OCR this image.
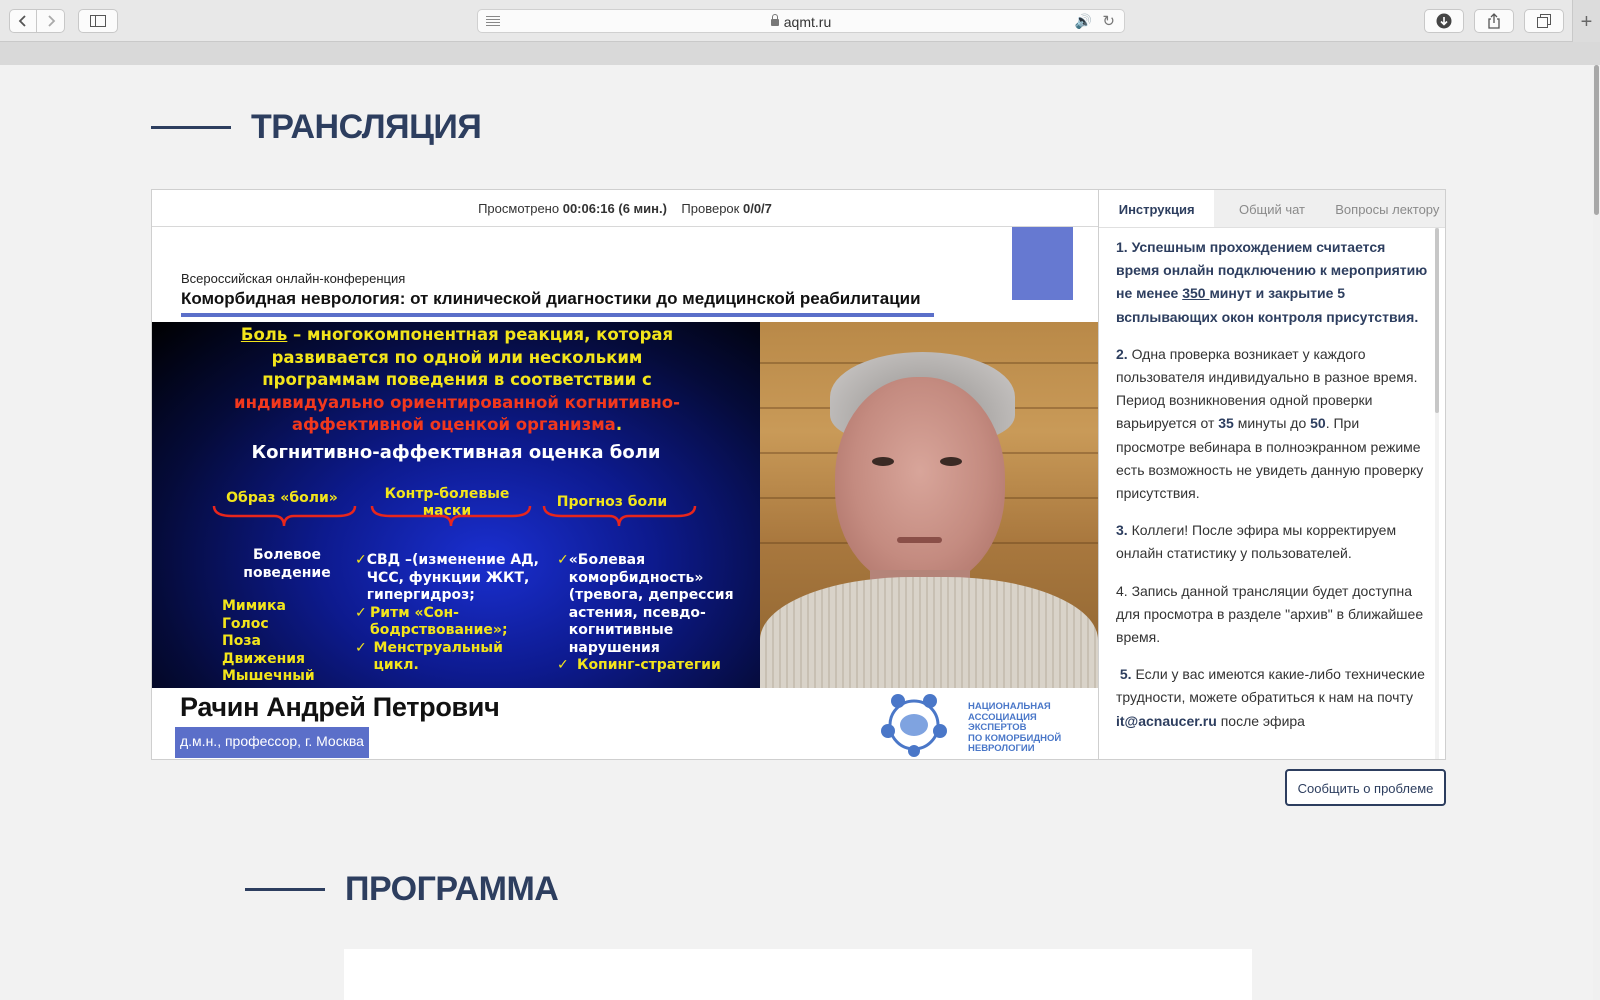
aqmt.ru	🔊 ↻	+
ТРАНСЛЯЦИЯ
Просмотрено 00:06:16 (6 мин.) Проверок 0/0/7
Всероссийская онлайн-конференция
Коморбидная неврология: от клинической диагностики до медицинской реабилитации
Боль – многокомпонентная реакция, которая развивается по одной или нескольким программам поведения в соответствии с индивидуально ориентированной когнитивно-аффективной оценкой организма.
Когнитивно-аффективная оценка боли
Образ «боли»	Контр-болевые маски
Прогноз боли
Болевое поведение
Мимика
Голос
Поза
Движения
Мышечный
✓ СВД –(изменение АД, ЧСС, функции ЖКТ, гипергидроз;
✓ Ритм «Сон-бодрствование»;
✓ Менструальный цикл.
✓ «Болевая коморбидность» (тревога, депрессия астения, псевдо-когнитивные нарушения
✓ Копинг-стратегии
Рачин Андрей Петрович
д.м.н., профессор, г. Москва
НАЦИОНАЛЬНАЯ
АССОЦИАЦИЯ
ЭКСПЕРТОВ
ПО КОМОРБИДНОЙ
НЕВРОЛОГИИ
Инструкция	Общий чат	Вопросы лектору

1. Успешным прохождением считается время онлайн подключению к мероприятию не менее 350 минут и закрытие 5 всплывающих окон контроля присутствия.

2. Одна проверка возникает у каждого пользователя индивидуально в разное время. Период возникновения одной проверки варьируется от 35 минуты до 50. При просмотре вебинара в полноэкранном режиме есть возможность не увидеть данную проверку присутствия.

3. Коллеги! После эфира мы корректируем онлайн статистику у пользователей.

4. Запись данной трансляции будет доступна для просмотра в разделе "архив" в ближайшее время.

5. Если у вас имеются какие-либо технические трудности, можете обратиться к нам на почту it@acnaucer.ru после эфира

Сообщить о проблеме
ПРОГРАММА
